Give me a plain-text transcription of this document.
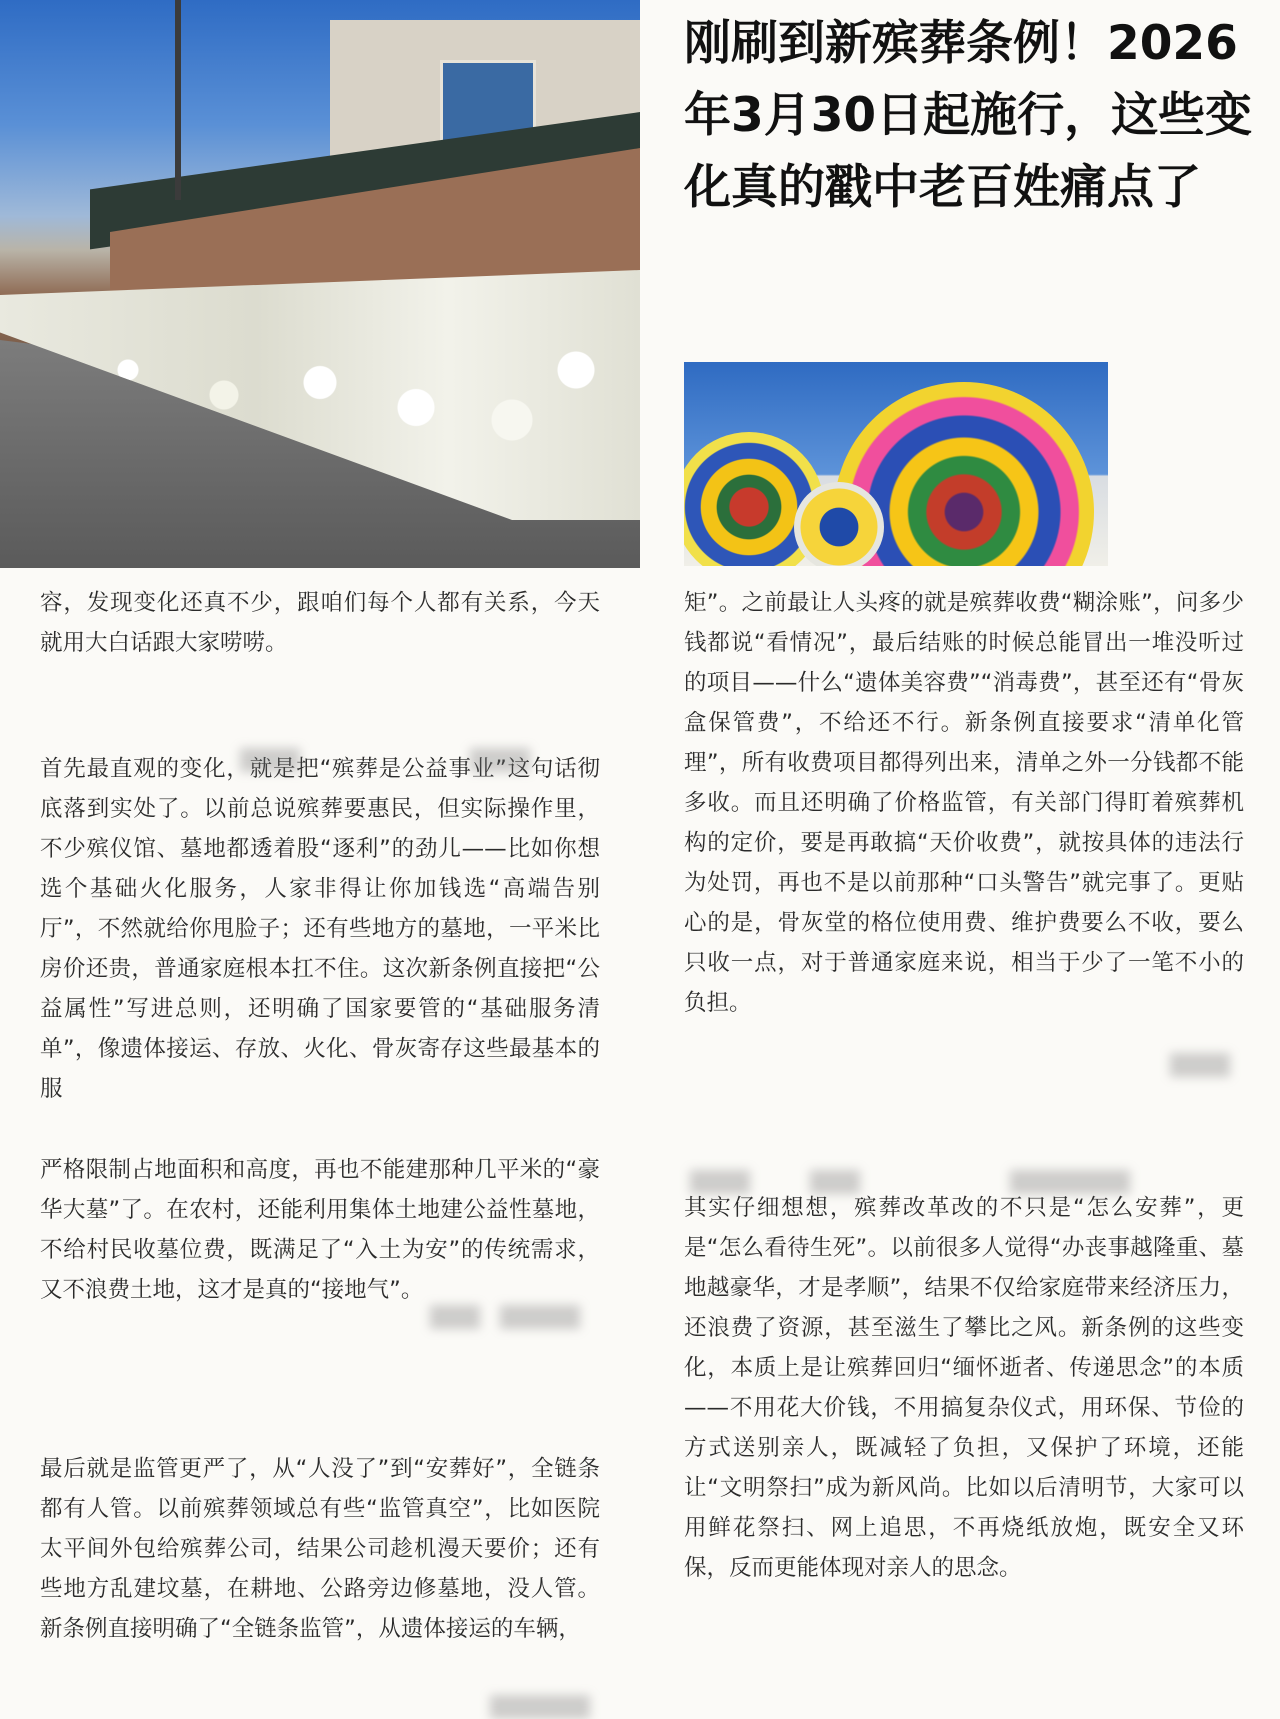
刚刷到新殡葬条例！2026年3月30日起施行，这些变化真的戳中老百姓痛点了

容，发现变化还真不少，跟咱们每个人都有关系，今天就用大白话跟大家唠唠。

首先最直观的变化，就是把“殡葬是公益事业”这句话彻底落到实处了。以前总说殡葬要惠民，但实际操作里，不少殡仪馆、墓地都透着股“逐利”的劲儿——比如你想选个基础火化服务，人家非得让你加钱选“高端告别厅”，不然就给你甩脸子；还有些地方的墓地，一平米比房价还贵，普通家庭根本扛不住。这次新条例直接把“公益属性”写进总则，还明确了国家要管的“基础服务清单”，像遗体接运、存放、火化、骨灰寄存这些最基本的服

严格限制占地面积和高度，再也不能建那种几平米的“豪华大墓”了。在农村，还能利用集体土地建公益性墓地，不给村民收墓位费，既满足了“入土为安”的传统需求，又不浪费土地，这才是真的“接地气”。

最后就是监管更严了，从“人没了”到“安葬好”，全链条都有人管。以前殡葬领域总有些“监管真空”，比如医院太平间外包给殡葬公司，结果公司趁机漫天要价；还有些地方乱建坟墓，在耕地、公路旁边修墓地，没人管。新条例直接明确了“全链条监管”，从遗体接运的车辆，

矩”。之前最让人头疼的就是殡葬收费“糊涂账”，问多少钱都说“看情况”，最后结账的时候总能冒出一堆没听过的项目——什么“遗体美容费”“消毒费”，甚至还有“骨灰盒保管费”，不给还不行。新条例直接要求“清单化管理”，所有收费项目都得列出来，清单之外一分钱都不能多收。而且还明确了价格监管，有关部门得盯着殡葬机构的定价，要是再敢搞“天价收费”，就按具体的违法行为处罚，再也不是以前那种“口头警告”就完事了。更贴心的是，骨灰堂的格位使用费、维护费要么不收，要么只收一点，对于普通家庭来说，相当于少了一笔不小的负担。

其实仔细想想，殡葬改革改的不只是“怎么安葬”，更是“怎么看待生死”。以前很多人觉得“办丧事越隆重、墓地越豪华，才是孝顺”，结果不仅给家庭带来经济压力，还浪费了资源，甚至滋生了攀比之风。新条例的这些变化，本质上是让殡葬回归“缅怀逝者、传递思念”的本质——不用花大价钱，不用搞复杂仪式，用环保、节俭的方式送别亲人，既减轻了负担，又保护了环境，还能让“文明祭扫”成为新风尚。比如以后清明节，大家可以用鲜花祭扫、网上追思，不再烧纸放炮，既安全又环保，反而更能体现对亲人的思念。
